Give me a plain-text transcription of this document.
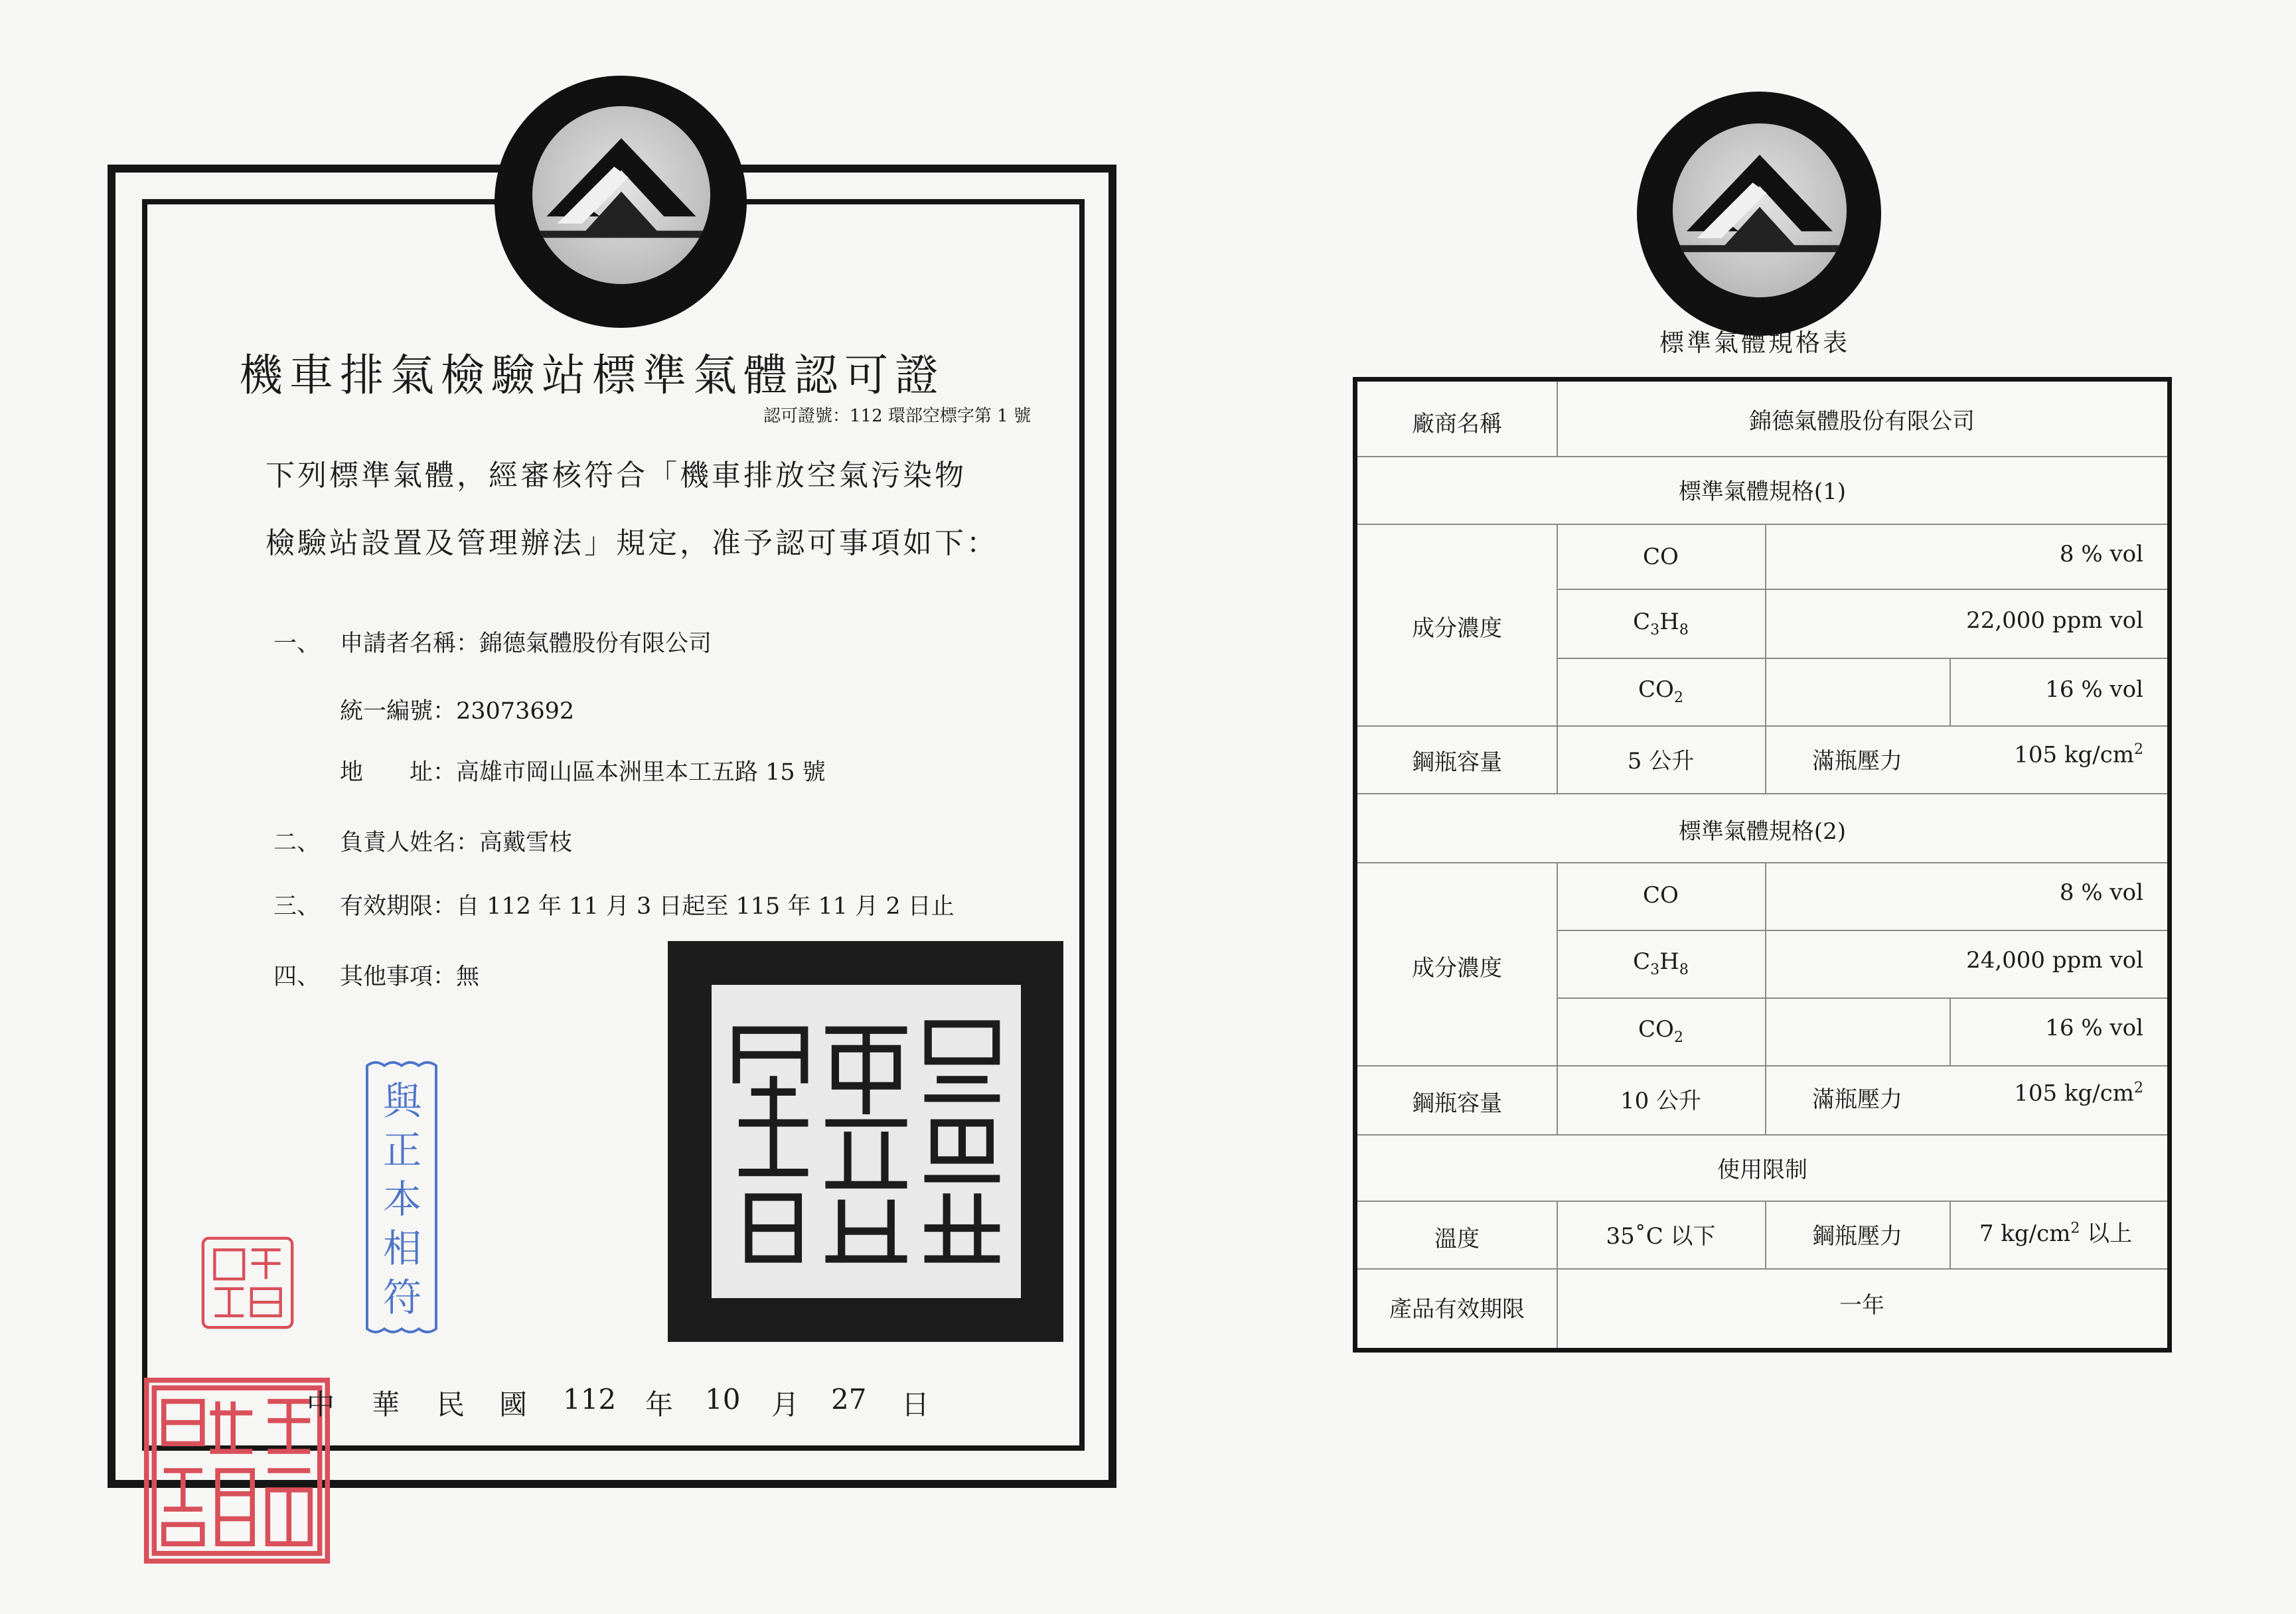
機車排氣檢驗站標準氣體認可證
認可證號：112 環部空標字第 1 號
下列標準氣體，經審核符合「機車排放空氣污染物
檢驗站設置及管理辦法」規定，准予認可事項如下：
一、 申請者名稱：錦德氣體股份有限公司
統一編號：23073692
地　　址：高雄市岡山區本洲里本工五路 15 號
二、 負責人姓名：高戴雪枝
三、 有效期限：自 112 年 11 月 3 日起至 115 年 11 月 2 日止
四、 其他事項：無
與正本相符
中 華 民 國 112 年 10 月 27 日
標準氣體規格表
廠商名稱	錦德氣體股份有限公司
標準氣體規格(1)
成分濃度
CO	8 % vol
$C_3H_8$	22,000 ppm vol
$CO_2$	16 % vol
鋼瓶容量	5 公升	滿瓶壓力	105 $kg/cm^2$
標準氣體規格(2)
成分濃度
CO	8 % vol
$C_3H_8$	24,000 ppm vol
$CO_2$	16 % vol
鋼瓶容量	10 公升	滿瓶壓力	105 $kg/cm^2$
使用限制
溫度	35˚C 以下	鋼瓶壓力	7 $kg/cm^2$ 以上
產品有效期限	一年
